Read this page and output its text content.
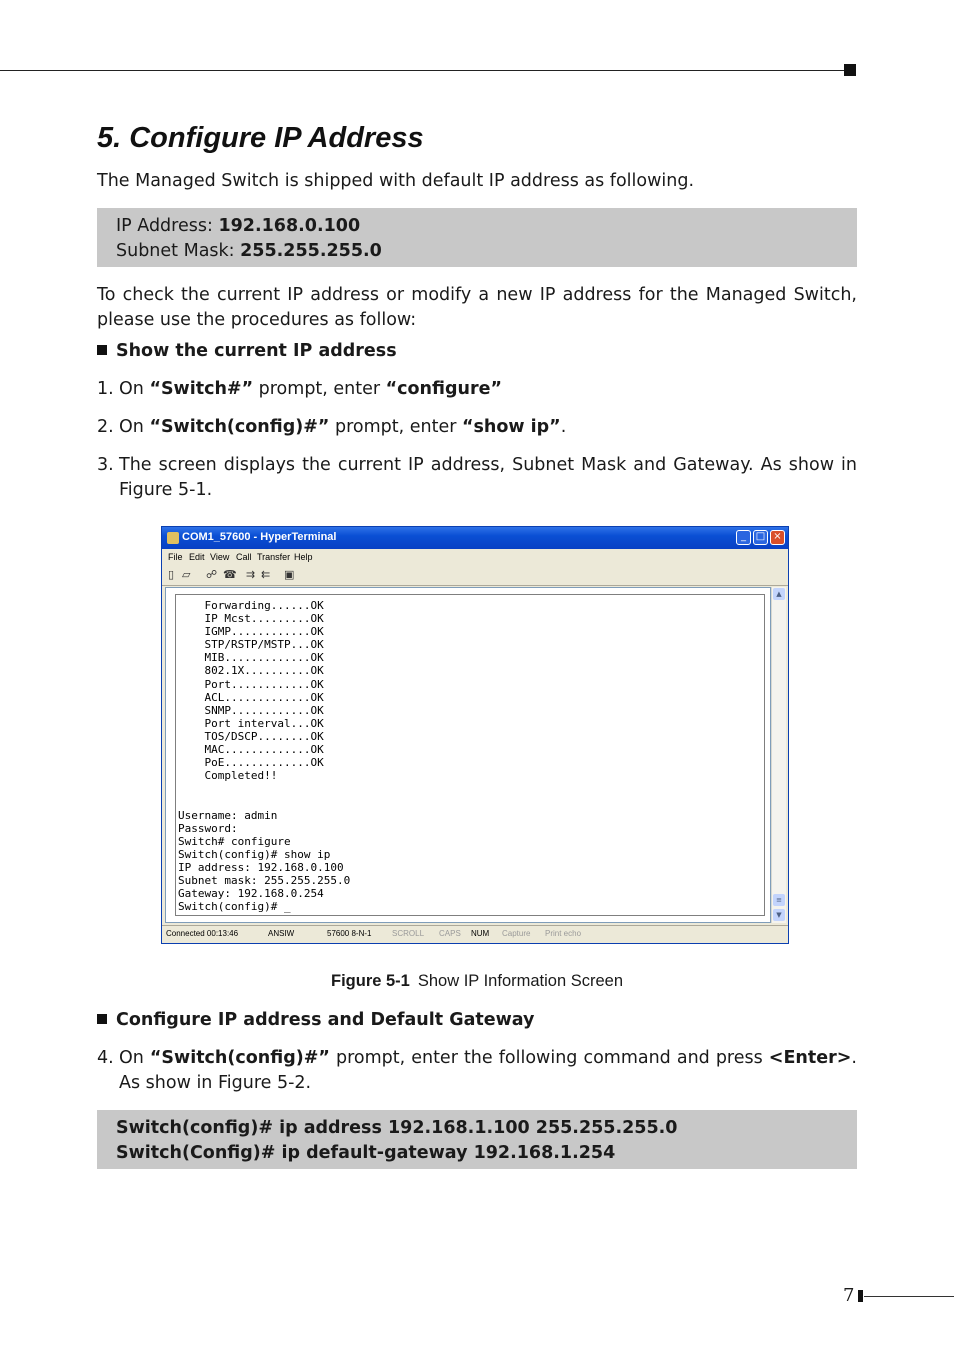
5. Configure IP Address

The Managed Switch is shipped with default IP address as following.

IP Address: 192.168.0.100
Subnet Mask: 255.255.255.0

To check the current IP address or modify a new IP address for the Managed Switch, please use the procedures as follow:

Show the current IP address
1. On “Switch#” prompt, enter “configure”
2. On “Switch(config)#” prompt, enter “show ip”.
3. The screen displays the current IP address, Subnet Mask and Gateway. As show in Figure 5-1.
Configure IP address and Default Gateway
4. On “Switch(config)#” prompt, enter the following command and press <Enter>. As show in Figure 5-2.
Switch(config)# ip address 192.168.1.100 255.255.255.0
Switch(Config)# ip default-gateway 192.168.1.254
COM1_57600 - HyperTerminal	_ □ ×
File Edit View Call Transfer Help
▯ ▱ ☍ ☎ ⇉ ⇇ ▣
Forwarding......OK
IP Mcst.........OK
IGMP............OK
STP/RSTP/MSTP...OK
MIB.............OK
802.1X..........OK
Port............OK
ACL.............OK
SNMP............OK
Port interval...OK
TOS/DSCP........OK
MAC.............OK
PoE.............OK
Completed!!

Username: admin
Password:
Switch# configure
Switch(config)# show ip
IP address: 192.168.0.100
Subnet mask: 255.255.255.0
Gateway: 192.168.0.254
Switch(config)# _
▲
≡
▼
Connected 00:13:46	ANSIW	57600 8-N-1	SCROLL CAPS NUM Capture Print echo
Figure 5-1 Show IP Information Screen
7
